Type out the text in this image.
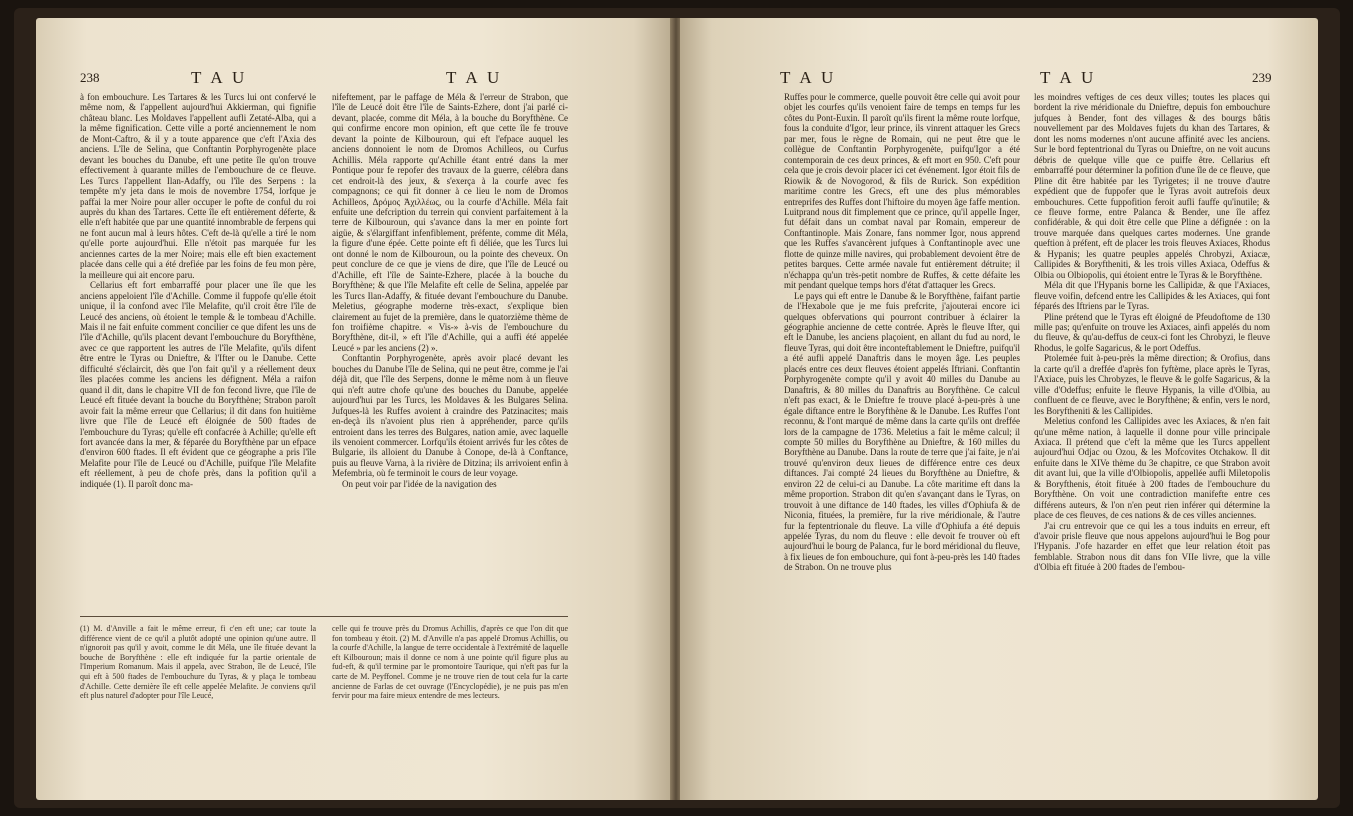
238	T A U	T A U

à fon embouchure. Les Tartares & les Turcs lui ont confervé le même nom, & l'appellent aujourd'hui Akkierman, qui fignifie château blanc. Les Moldaves l'appellent aufli Zetaté-Alba, qui a la même fignification. Cette ville a porté anciennement le nom de Mont-Caftro, & il y a toute apparence que c'eft l'Axia des anciens. L'île de Selina, que Conftantin Porphyrogenète place devant les bouches du Danube, eft une petite île qu'on trouve effectivement à quarante milles de l'embouchure de ce fleuve. Les Turcs l'appellent Ilan-Adaffy, ou l'île des Serpens : la tempête m'y jeta dans le mois de novembre 1754, lorfque je paffai la mer Noire pour aller occuper le pofte de conful du roi auprès du khan des Tartares. Cette île eft entièrement déferte, & elle n'eft habitée que par une quantité innombrable de ferpens qui ne font aucun mal à leurs hôtes. C'eft de-là qu'elle a tiré le nom qu'elle porte aujourd'hui. Elle n'étoit pas marquée fur les anciennes cartes de la mer Noire; mais elle eft bien exactement placée dans celle qui a été drefiée par les foins de feu mon père, la meilleure qui ait encore paru.

Cellarius eft fort embarraffé pour placer une île que les anciens appeloient l'île d'Achille. Comme il fuppofe qu'elle étoit unique, il la confond avec l'île Melafite, qu'il croit être l'île de Leucé des anciens, où étoient le temple & le tombeau d'Achille. Mais il ne fait enfuite comment concilier ce que difent les uns de l'île d'Achille, qu'ils placent devant l'embouchure du Boryfthène, avec ce que rapportent les autres de l'île Melafite, qu'ils difent être entre le Tyras ou Dnieftre, & l'Ifter ou le Danube. Cette difficulté s'éclaircit, dès que l'on fait qu'il y a réellement deux îles placées comme les anciens les défignent. Méla a raifon quand il dit, dans le chapitre VII de fon fecond livre, que l'île de Leucé eft fituée devant la bouche du Boryfthène; Strabon paroît avoir fait la même erreur que Cellarius; il dit dans fon huitième livre que l'île de Leucé eft éloignée de 500 ftades de l'embouchure du Tyras; qu'elle eft confacrée à Achille; qu'elle eft fort avancée dans la mer, & féparée du Boryfthène par un efpace d'environ 600 ftades. Il eft évident que ce géographe a pris l'île Melafite pour l'île de Leucé ou d'Achille, puifque l'île Melafite eft réellement, à peu de chofe près, dans la pofition qu'il a indiquée (1). Il paroît donc ma-

nifeftement, par le paffage de Méla & l'erreur de Strabon, que l'île de Leucé doit être l'île de Saints-Ezhere, dont j'ai parlé ci-devant, placée, comme dit Méla, à la bouche du Boryfthène. Ce qui confirme encore mon opinion, eft que cette île fe trouve devant la pointe de Kilbouroun, qui eft l'efpace auquel les anciens donnoient le nom de Dromos Achilleos, ou Curfus Achillis. Méla rapporte qu'Achille étant entré dans la mer Pontique pour fe repofer des travaux de la guerre, célébra dans cet endroit-là des jeux, & s'exerça à la courfe avec fes compagnons; ce qui fit donner à ce lieu le nom de Dromos Achilleos, Δρόμος Ἀχιλλέως, ou la courfe d'Achille. Méla fait enfuite une defcription du terrein qui convient parfaitement à la terre de Kilbouroun, qui s'avance dans la mer en pointe fort aigüe, & s'élargiffant infenfiblement, préfente, comme dit Méla, la figure d'une épée. Cette pointe eft fi déliée, que les Turcs lui ont donné le nom de Kilbouroun, ou la pointe des cheveux. On peut conclure de ce que je viens de dire, que l'île de Leucé ou d'Achille, eft l'île de Sainte-Ezhere, placée à la bouche du Boryfthène; & que l'île Melafite eft celle de Selina, appelée par les Turcs Ilan-Adaffy, & fituée devant l'embouchure du Danube. Meletius, géographe moderne très-exact, s'explique bien clairement au fujet de la première, dans le quatorzième thème de fon troifième chapitre. « Vis-» à-vis de l'embouchure du Boryfthène, dit-il, » eft l'île d'Achille, qui a auffi été appelée Leucé » par les anciens (2) ».

Conftantin Porphyrogenète, après avoir placé devant les bouches du Danube l'île de Selina, qui ne peut être, comme je l'ai déjà dit, que l'île des Serpens, donne le même nom à un fleuve qui n'eft autre chofe qu'une des bouches du Danube, appelée aujourd'hui par les Turcs, les Moldaves & les Bulgares Selina. Jufques-là les Ruffes avoient à craindre des Patzinacites; mais en-deçà ils n'avoient plus rien à appréhender, parce qu'ils entroient dans les terres des Bulgares, nation amie, avec laquelle ils venoient commercer. Lorfqu'ils étoient arrivés fur les côtes de Bulgarie, ils alloient du Danube à Conope, de-là à Conftance, puis au fleuve Varna, à la rivière de Ditzina; ils arrivoient enfin à Mefembria, où fe terminoit le cours de leur voyage.

On peut voir par l'idée de la navigation des

(1) M. d'Anville a fait le même erreur, fi c'en eft une; car toute la différence vient de ce qu'il a plutôt adopté une opinion qu'une autre. Il n'ignoroit pas qu'il y avoit, comme le dit Méla, une île fituée devant la bouche de Boryfthène : elle eft indiquée fur la partie orientale de l'Imperium Romanum. Mais il appela, avec Strabon, île de Leucé, l'île qui eft à 500 ftades de l'embouchure du Tyras, & y plaça le tombeau d'Achille. Cette dernière île eft celle appelée Melafite. Je conviens qu'il eft plus naturel d'adopter pour l'île Leucé,

celle qui fe trouve près du Dromus Achillis, d'après ce que l'on dit que fon tombeau y étoit. (2) M. d'Anville n'a pas appelé Dromus Achillis, ou la courfe d'Achille, la langue de terre occidentale à l'extrémité de laquelle eft Kilbouroun; mais il donne ce nom à une pointe qu'il figure plus au fud-eft, & qu'il termine par le promontoire Taurique, qui n'eft pas fur la carte de M. Peyffonel. Comme je ne trouve rien de tout cela fur la carte ancienne de Farlas de cet ouvrage (l'Encyclopédie), je ne puis pas m'en fervir pour ma faire mieux entendre de mes lecteurs.

T A U	T A U	239

Ruffes pour le commerce, quelle pouvoit être celle qui avoit pour objet les courfes qu'ils venoient faire de temps en temps fur les côtes du Pont-Euxin. Il paroît qu'ils firent la même route lorfque, fous la conduite d'Igor, leur prince, ils vinrent attaquer les Grecs par mer, fous le règne de Romain, qui ne peut être que le collègue de Conftantin Porphyrogenète, puifqu'Igor a été contemporain de ces deux princes, & eft mort en 950. C'eft pour cela que je crois devoir placer ici cet événement. Igor étoit fils de Riowik & de Novogorod, & fils de Rurick. Son expédition maritime contre les Grecs, eft une des plus mémorables entreprifes des Ruffes dont l'hiftoire du moyen âge faffe mention. Luitprand nous dit fimplement que ce prince, qu'il appelle Inger, fut défait dans un combat naval par Romain, empereur de Conftantinople. Mais Zonare, fans nommer Igor, nous apprend que les Ruffes s'avancèrent jufques à Conftantinople avec une flotte de quinze mille navires, qui probablement devoient être de petites barques. Cette armée navale fut entièrement détruite; il n'échappa qu'un très-petit nombre de Ruffes, & cette défaite les mit pendant quelque temps hors d'état d'attaquer les Grecs.

Le pays qui eft entre le Danube & le Boryfthène, faifant partie de l'Hexabole que je me fuis prefcrite, j'ajouterai encore ici quelques obfervations qui pourront contribuer à éclairer la géographie ancienne de cette contrée. Après le fleuve Ifter, qui eft le Danube, les anciens plaçoient, en allant du fud au nord, le fleuve Tyras, qui doit être inconteftablement le Dnieftre, puifqu'il a été aufli appelé Danaftris dans le moyen âge. Les peuples placés entre ces deux fleuves étoient appelés Iftriani. Conftantin Porphyrogenète compte qu'il y avoit 40 milles du Danube au Danaftris, & 80 milles du Danaftris au Boryfthène. Ce calcul n'eft pas exact, & le Dnieftre fe trouve placé à-peu-près à une égale diftance entre le Boryfthène & le Danube. Les Ruffes l'ont reconnu, & l'ont marqué de même dans la carte qu'ils ont dreffée lors de la campagne de 1736. Meletius a fait le même calcul; il compte 50 milles du Boryfthène au Dnieftre, & 160 milles du Boryfthène au Danube. Dans la route de terre que j'ai faite, je n'ai trouvé qu'environ deux lieues de différence entre ces deux diftances. J'ai compté 24 lieues du Boryfthène au Dnieftre, & environ 22 de celui-ci au Danube. La côte maritime eft dans la même proportion. Strabon dit qu'en s'avançant dans le Tyras, on trouvoit à une diftance de 140 ftades, les villes d'Ophiufa & de Niconia, fituées, la première, fur la rive méridionale, & l'autre fur la feptentrionale du fleuve. La ville d'Ophiufa a été depuis appelée Tyras, du nom du fleuve : elle devoit fe trouver où eft aujourd'hui le bourg de Palanca, fur le bord méridional du fleuve, à fix lieues de fon embouchure, qui font à-peu-près les 140 ftades de Strabon. On ne trouve plus

les moindres veftiges de ces deux villes; toutes les places qui bordent la rive méridionale du Dnieftre, depuis fon embouchure jufques à Bender, font des villages & des bourgs bâtis nouvellement par des Moldaves fujets du khan des Tartares, & dont les noms modernes n'ont aucune affinité avec les anciens. Sur le bord feptentrional du Tyras ou Dnieftre, on ne voit aucuns débris de quelque ville que ce puiffe être. Cellarius eft embarraffé pour déterminer la pofition d'une île de ce fleuve, que Pline dit être habitée par les Tyrigetes; il ne trouve d'autre expédient que de fuppofer que le Tyras avoit autrefois deux embouchures. Cette fuppofition feroit aufli fauffe qu'inutile; & ce fleuve forme, entre Palanca & Bender, une île affez confidérable, & qui doit être celle que Pline a défignée : on la trouve marquée dans quelques cartes modernes. Une grande queftion à préfent, eft de placer les trois fleuves Axiaces, Rhodus & Hypanis; les quatre peuples appelés Chrobyzi, Axiacæ, Callipides & Boryftheniti, & les trois villes Axiaca, Odeffus & Olbia ou Olbiopolis, qui étoient entre le Tyras & le Boryfthène.

Méla dit que l'Hypanis borne les Callipidæ, & que l'Axiaces, fleuve voifin, defcend entre les Callipides & les Axiaces, qui font féparés des Iftriens par le Tyras.

Pline prétend que le Tyras eft éloigné de Pfeudoftome de 130 mille pas; qu'enfuite on trouve les Axiaces, ainfi appelés du nom du fleuve, & qu'au-deffus de ceux-ci font les Chrobyzi, le fleuve Rhodus, le golfe Sagaricus, & le port Odeffus.

Ptolemée fuit à-peu-près la même direction; & Orofius, dans la carte qu'il a dreffée d'après fon fyftème, place après le Tyras, l'Axiace, puis les Chrobyzes, le fleuve & le golfe Sagaricus, & la ville d'Odeffus; enfuite le fleuve Hypanis, la ville d'Olbia, au confluent de ce fleuve, avec le Boryfthène; & enfin, vers le nord, les Boryftheniti & les Callipides.

Meletius confond les Callipides avec les Axiaces, & n'en fait qu'une même nation, à laquelle il donne pour ville principale Axiaca. Il prétend que c'eft la même que les Turcs appellent aujourd'hui Odjac ou Ozou, & les Mofcovites Otchakow. Il dit enfuite dans le XIVe thème du 3e chapitre, ce que Strabon avoit dit avant lui, que la ville d'Olbiopolis, appellée aufli Miletopolis & Boryfthenis, étoit fituée à 200 ftades de l'embouchure du Boryfthène. On voit une contradiction manifefte entre ces différens auteurs, & l'on n'en peut rien inférer qui détermine la place de ces fleuves, de ces nations & de ces villes anciennes.

J'ai cru entrevoir que ce qui les a tous induits en erreur, eft d'avoir prisle fleuve que nous appelons aujourd'hui le Bog pour l'Hypanis. J'ofe hazarder en effet que leur relation étoit pas femblable. Strabon nous dit dans fon VIIe livre, que la ville d'Olbia eft fituée à 200 ftades de l'embou-
